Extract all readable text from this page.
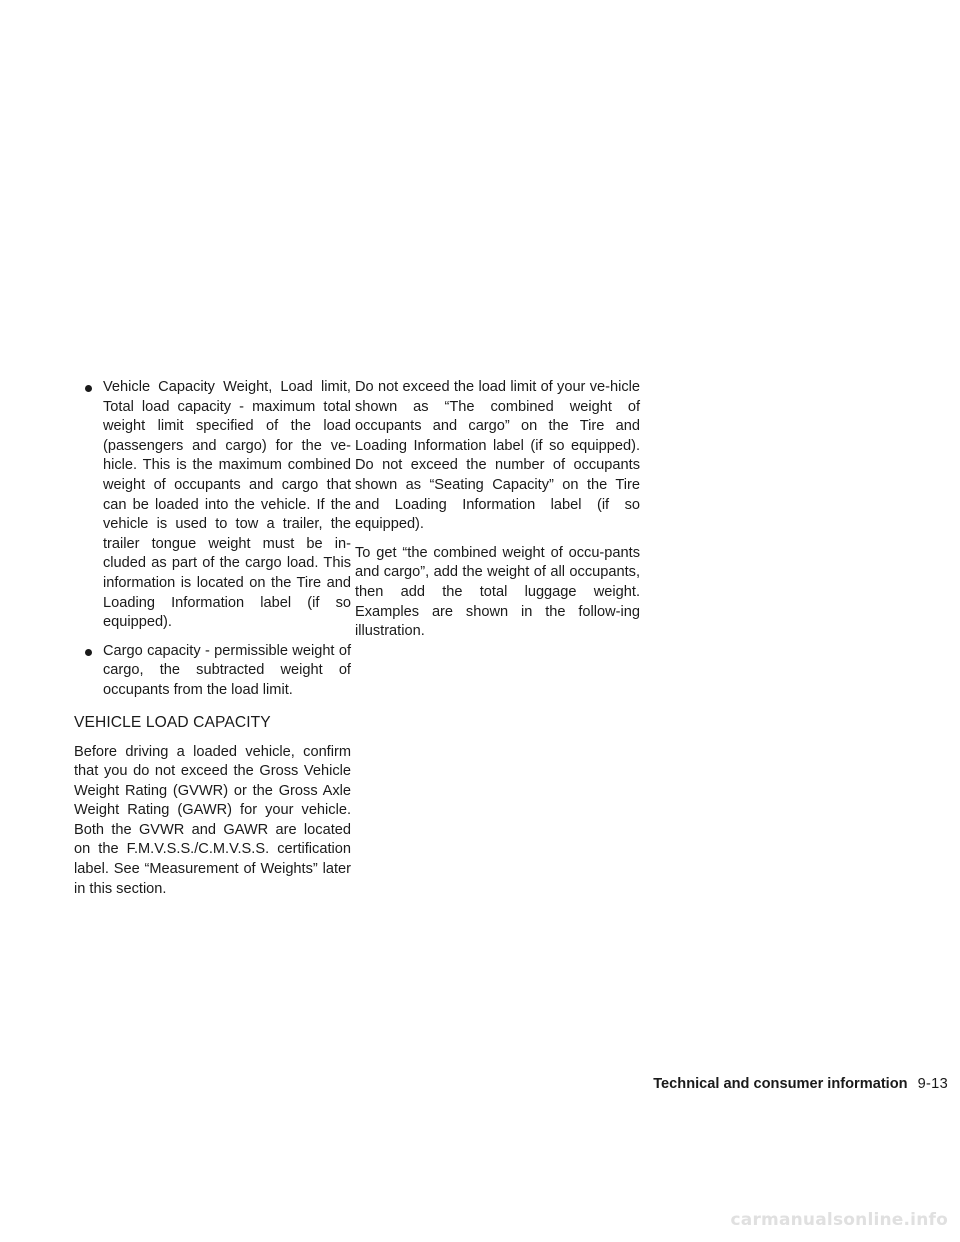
Vehicle Capacity Weight, Load limit, Total load capacity - maximum total weight limit specified of the load (passengers and cargo) for the ve-hicle. This is the maximum combined weight of occupants and cargo that can be loaded into the vehicle. If the vehicle is used to tow a trailer, the trailer tongue weight must be in-cluded as part of the cargo load. This information is located on the Tire and Loading Information label (if so equipped).
Cargo capacity - permissible weight of cargo, the subtracted weight of occupants from the load limit.
VEHICLE LOAD CAPACITY

Before driving a loaded vehicle, confirm that you do not exceed the Gross Vehicle Weight Rating (GVWR) or the Gross Axle Weight Rating (GAWR) for your vehicle. Both the GVWR and GAWR are located on the F.M.V.S.S./C.M.V.S.S. certification label. See “Measurement of Weights” later in this section.

Do not exceed the load limit of your ve-hicle shown as “The combined weight of occupants and cargo” on the Tire and Loading Information label (if so equipped). Do not exceed the number of occupants shown as “Seating Capacity” on the Tire and Loading Information label (if so equipped).

To get “the combined weight of occu-pants and cargo”, add the weight of all occupants, then add the total luggage weight. Examples are shown in the follow-ing illustration.

Technical and consumer information 9-13
carmanualsonline.info
